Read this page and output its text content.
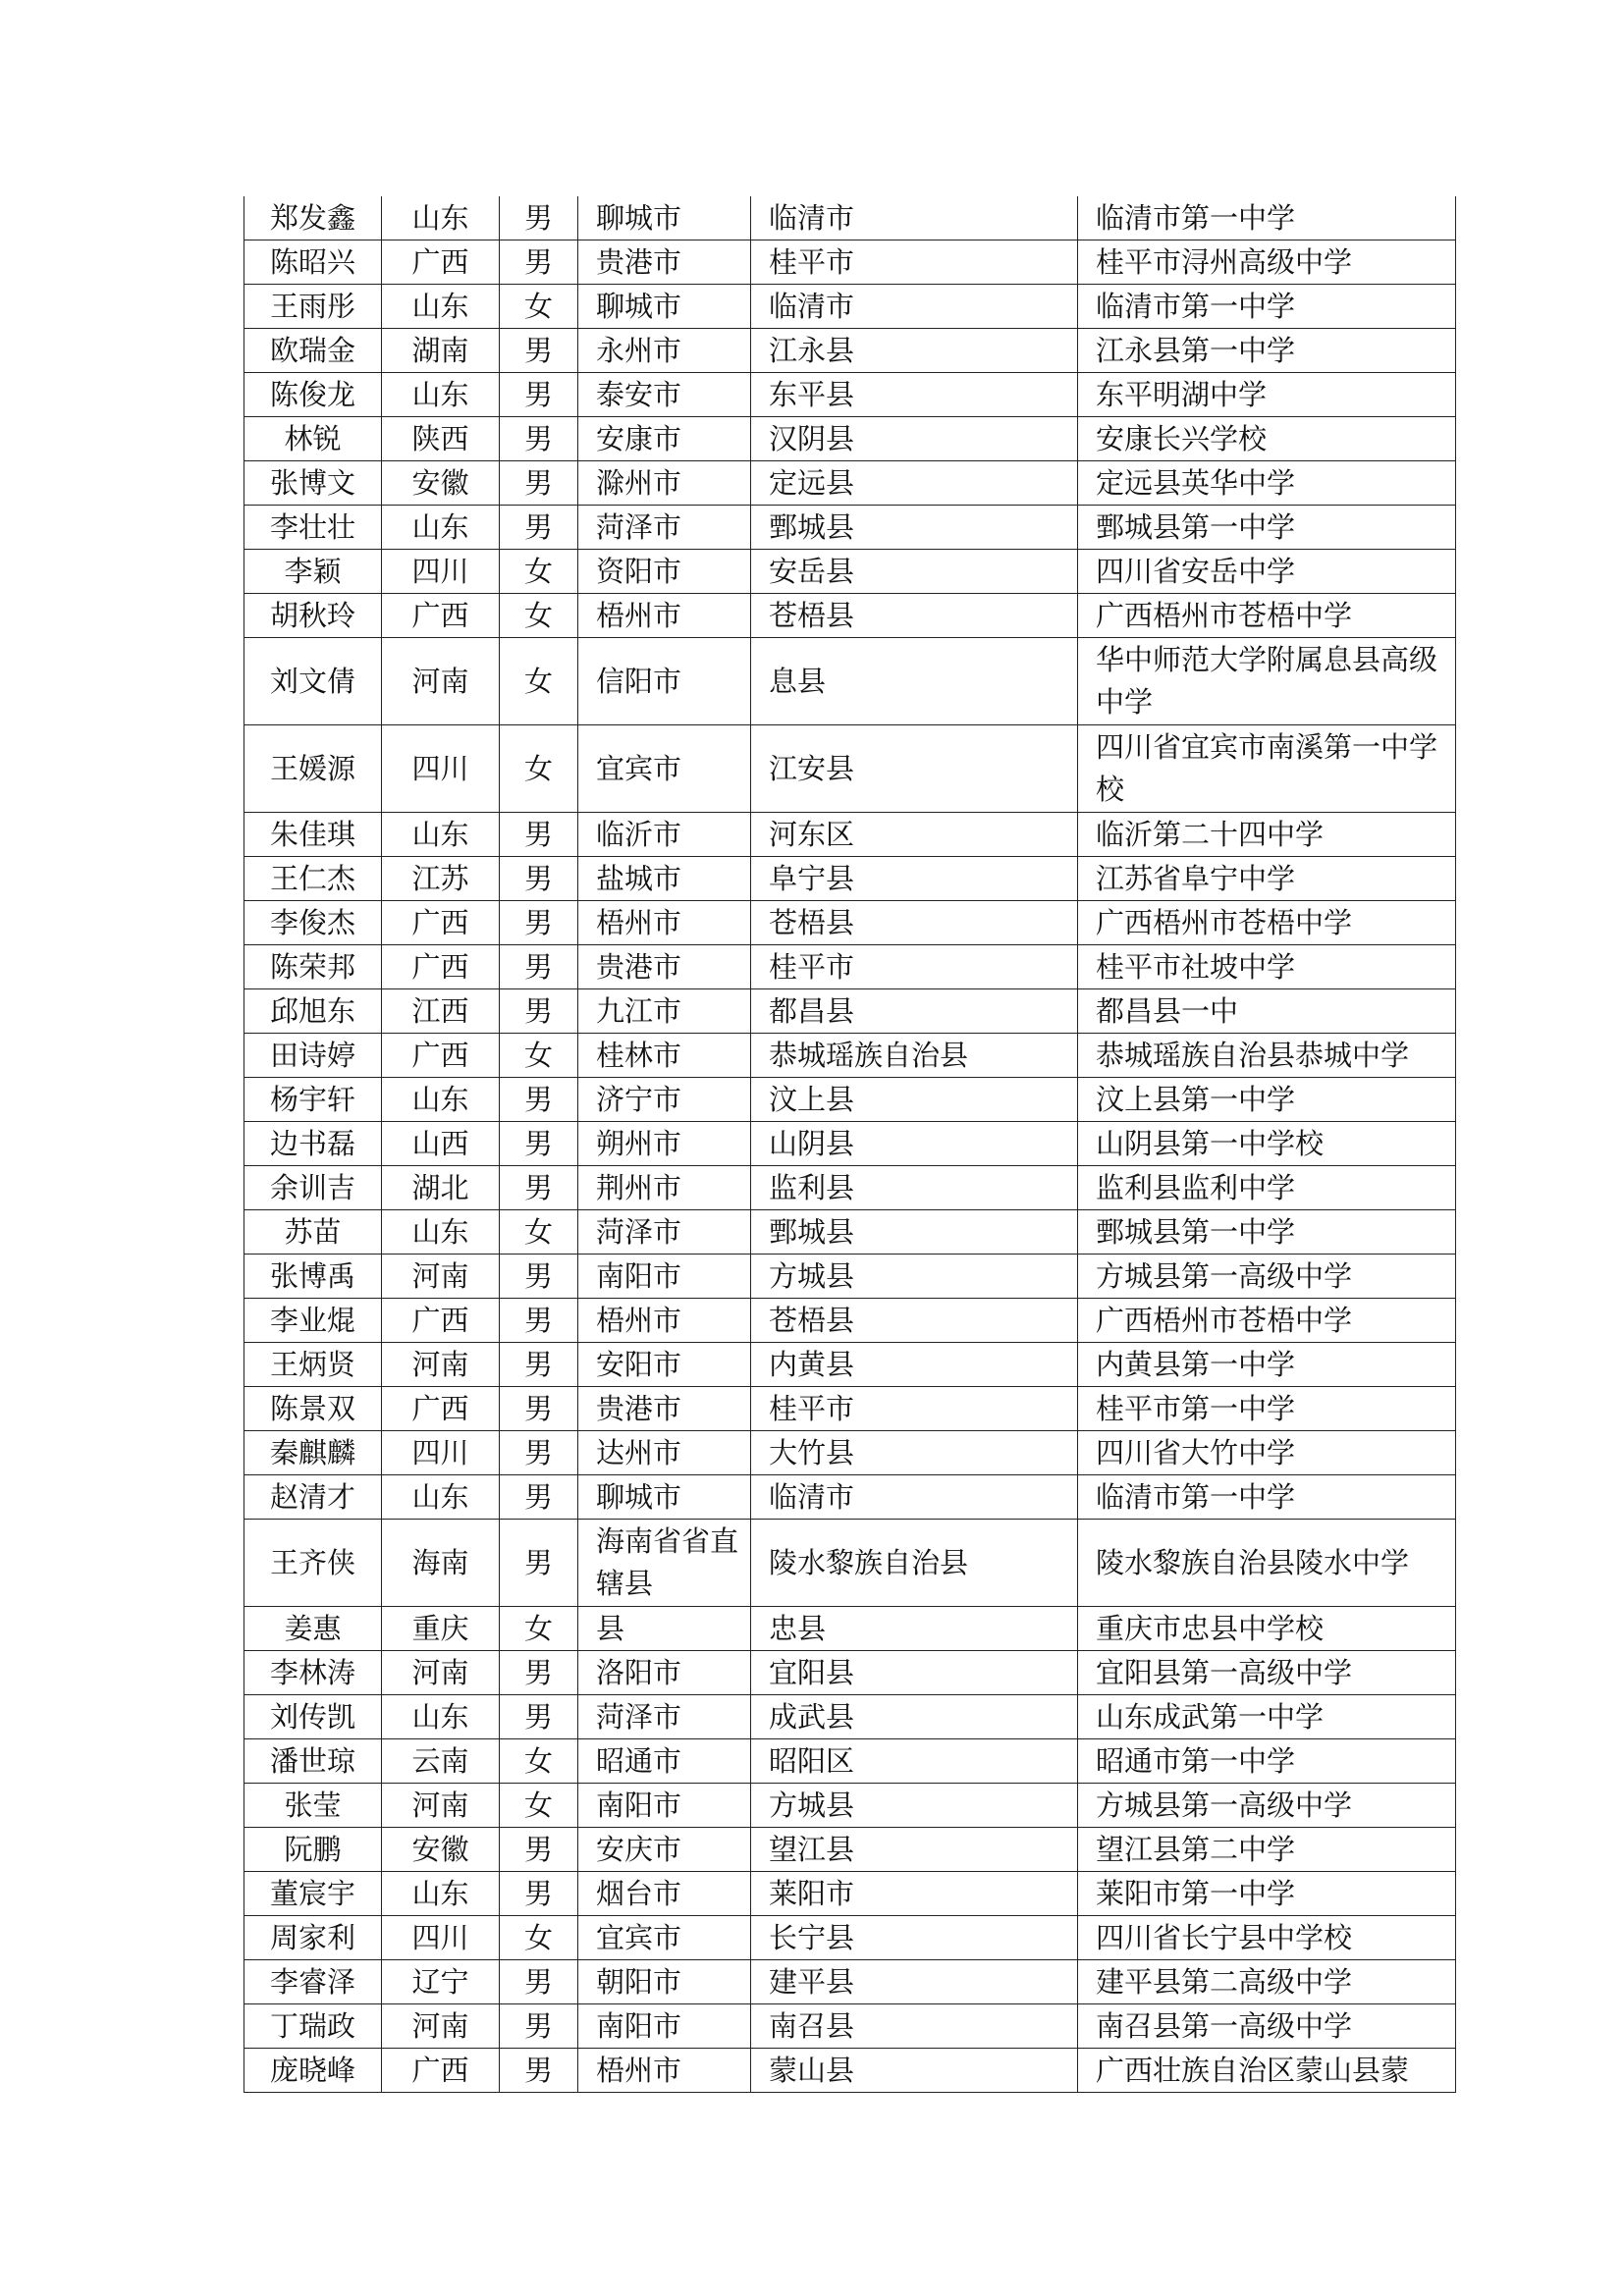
郑发鑫	山东	男	聊城市	临清市	临清市第一中学
陈昭兴	广西	男	贵港市	桂平市	桂平市浔州高级中学
王雨彤	山东	女	聊城市	临清市	临清市第一中学
欧瑞金	湖南	男	永州市	江永县	江永县第一中学
陈俊龙	山东	男	泰安市	东平县	东平明湖中学
林锐	陕西	男	安康市	汉阴县	安康长兴学校
张博文	安徽	男	滁州市	定远县	定远县英华中学
李壮壮	山东	男	菏泽市	鄄城县	鄄城县第一中学
李颖	四川	女	资阳市	安岳县	四川省安岳中学
胡秋玲	广西	女	梧州市	苍梧县	广西梧州市苍梧中学
刘文倩	河南	女	信阳市	息县	华中师范大学附属息县高级中学
王媛源	四川	女	宜宾市	江安县	四川省宜宾市南溪第一中学校
朱佳琪	山东	男	临沂市	河东区	临沂第二十四中学
王仁杰	江苏	男	盐城市	阜宁县	江苏省阜宁中学
李俊杰	广西	男	梧州市	苍梧县	广西梧州市苍梧中学
陈荣邦	广西	男	贵港市	桂平市	桂平市社坡中学
邱旭东	江西	男	九江市	都昌县	都昌县一中
田诗婷	广西	女	桂林市	恭城瑶族自治县	恭城瑶族自治县恭城中学
杨宇轩	山东	男	济宁市	汶上县	汶上县第一中学
边书磊	山西	男	朔州市	山阴县	山阴县第一中学校
余训吉	湖北	男	荆州市	监利县	监利县监利中学
苏苗	山东	女	菏泽市	鄄城县	鄄城县第一中学
张博禹	河南	男	南阳市	方城县	方城县第一高级中学
李业焜	广西	男	梧州市	苍梧县	广西梧州市苍梧中学
王炳贤	河南	男	安阳市	内黄县	内黄县第一中学
陈景双	广西	男	贵港市	桂平市	桂平市第一中学
秦麒麟	四川	男	达州市	大竹县	四川省大竹中学
赵清才	山东	男	聊城市	临清市	临清市第一中学
王齐侠	海南	男	海南省省直辖县	陵水黎族自治县	陵水黎族自治县陵水中学
姜惠	重庆	女	县	忠县	重庆市忠县中学校
李林涛	河南	男	洛阳市	宜阳县	宜阳县第一高级中学
刘传凯	山东	男	菏泽市	成武县	山东成武第一中学
潘世琼	云南	女	昭通市	昭阳区	昭通市第一中学
张莹	河南	女	南阳市	方城县	方城县第一高级中学
阮鹏	安徽	男	安庆市	望江县	望江县第二中学
董宸宇	山东	男	烟台市	莱阳市	莱阳市第一中学
周家利	四川	女	宜宾市	长宁县	四川省长宁县中学校
李睿泽	辽宁	男	朝阳市	建平县	建平县第二高级中学
丁瑞政	河南	男	南阳市	南召县	南召县第一高级中学
庞晓峰	广西	男	梧州市	蒙山县	广西壮族自治区蒙山县蒙
